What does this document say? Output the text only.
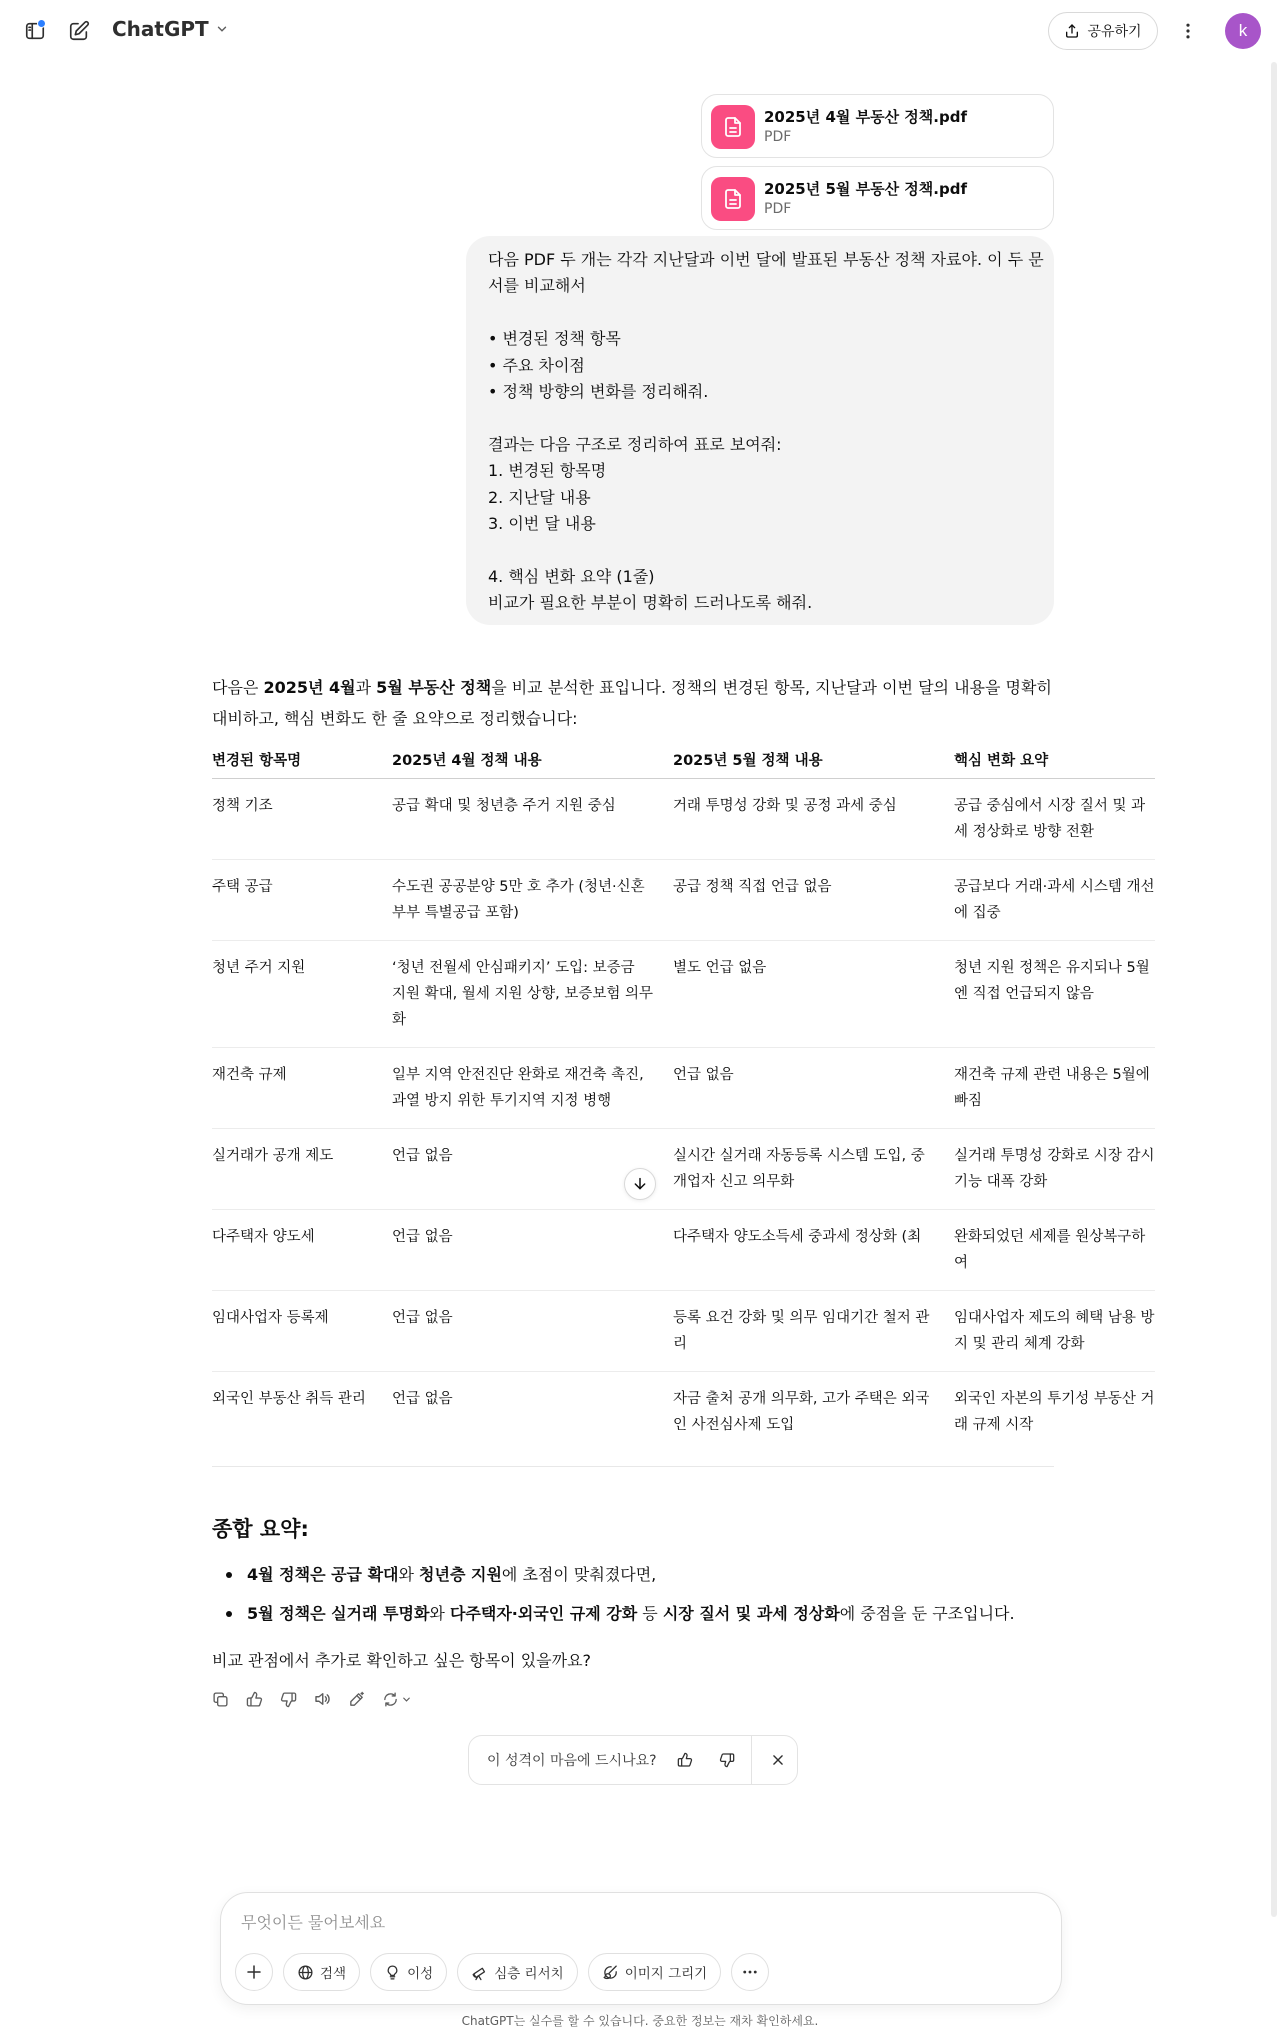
ChatGPT	공유하기	k
2025년 4월 부동산 정책.pdf
PDF
2025년 5월 부동산 정책.pdf
PDF
다음 PDF 두 개는 각각 지난달과 이번 달에 발표된 부동산 정책 자료야. 이 두 문
서를 비교해서
• 변경된 정책 항목
• 주요 차이점
• 정책 방향의 변화를 정리해줘.
결과는 다음 구조로 정리하여 표로 보여줘:
1. 변경된 항목명
2. 지난달 내용
3. 이번 달 내용
4. 핵심 변화 요약 (1줄)
비교가 필요한 부분이 명확히 드러나도록 해줘.
다음은 2025년 4월과 5월 부동산 정책을 비교 분석한 표입니다. 정책의 변경된 항목, 지난달과 이번 달의 내용을 명확히 대비하고, 핵심 변화도 한 줄 요약으로 정리했습니다:
변경된 항목명	2025년 4월 정책 내용	2025년 5월 정책 내용	핵심 변화 요약
정책 기조	공급 확대 및 청년층 주거 지원 중심	거래 투명성 강화 및 공정 과세 중심	공급 중심에서 시장 질서 및 과세 정상화로 방향 전환
주택 공급	수도권 공공분양 5만 호 추가 (청년·신혼부부 특별공급 포함)	공급 정책 직접 언급 없음	공급보다 거래·과세 시스템 개선에 집중
청년 주거 지원	‘청년 전월세 안심패키지’ 도입: 보증금 지원 확대, 월세 지원 상향, 보증보험 의무화	별도 언급 없음	청년 지원 정책은 유지되나 5월엔 직접 언급되지 않음
재건축 규제	일부 지역 안전진단 완화로 재건축 촉진, 과열 방지 위한 투기지역 지정 병행	언급 없음	재건축 규제 관련 내용은 5월에 빠짐
실거래가 공개 제도	언급 없음	실시간 실거래 자동등록 시스템 도입, 중개업자 신고 의무화	실거래 투명성 강화로 시장 감시 기능 대폭 강화
다주택자 양도세	언급 없음	다주택자 양도소득세 중과세 정상화 (최	완화되었던 세제를 원상복구하여
임대사업자 등록제	언급 없음	등록 요건 강화 및 의무 임대기간 철저 관리	임대사업자 제도의 혜택 남용 방지 및 관리 체계 강화
외국인 부동산 취득 관리	언급 없음	자금 출처 공개 의무화, 고가 주택은 외국인 사전심사제 도입	외국인 자본의 투기성 부동산 거래 규제 시작
종합 요약:
4월 정책은 공급 확대와 청년층 지원에 초점이 맞춰졌다면,
5월 정책은 실거래 투명화와 다주택자·외국인 규제 강화 등 시장 질서 및 과세 정상화에 중점을 둔 구조입니다.
비교 관점에서 추가로 확인하고 싶은 항목이 있을까요?
이 성격이 마음에 드시나요?
무엇이든 물어보세요
검색	이성	심층 리서치	이미지 그리기
ChatGPT는 실수를 할 수 있습니다. 중요한 정보는 재차 확인하세요.
